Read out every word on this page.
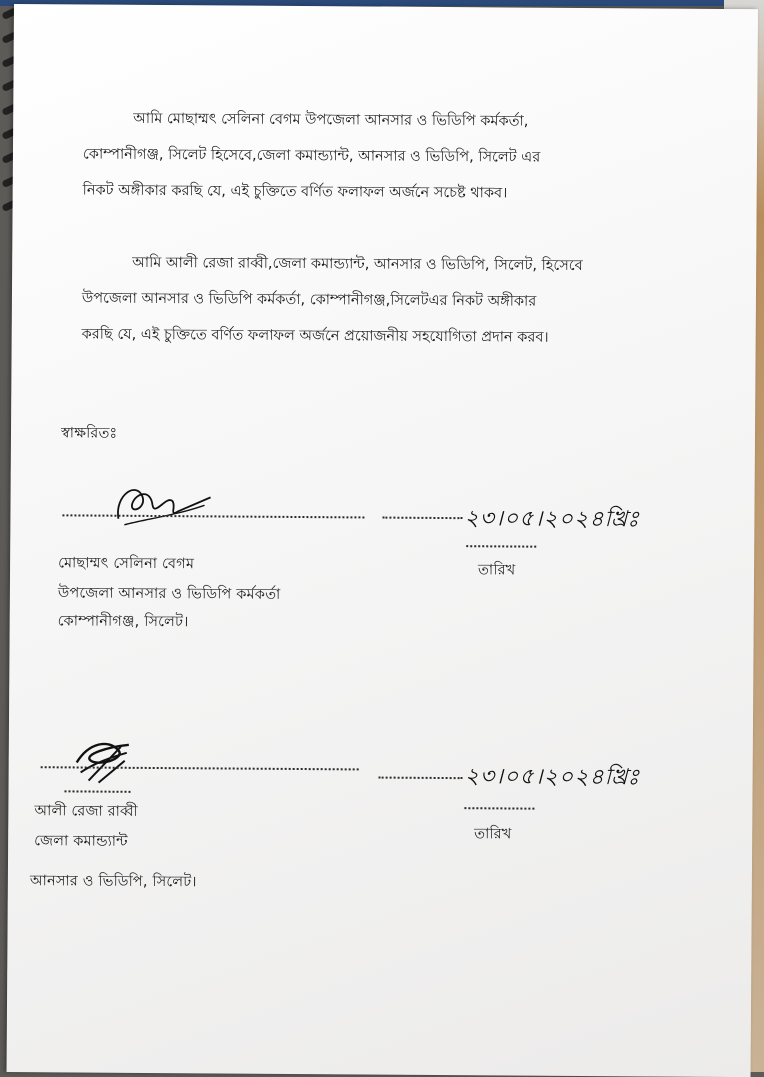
আমি মোছাম্মৎ সেলিনা বেগম উপজেলা আনসার ও ভিডিপি কর্মকর্তা,
কোম্পানীগঞ্জ, সিলেট হিসেবে,জেলা কমান্ড্যান্ট, আনসার ও ভিডিপি, সিলেট এর
নিকট অঙ্গীকার করছি যে, এই চুক্তিতে বর্ণিত ফলাফল অর্জনে সচেষ্ট থাকব।
আমি আলী রেজা রাব্বী,জেলা কমান্ড্যান্ট, আনসার ও ভিডিপি, সিলেট, হিসেবে
উপজেলা আনসার ও ভিডিপি কর্মকর্তা, কোম্পানীগঞ্জ,সিলেটএর নিকট অঙ্গীকার
করছি যে, এই চুক্তিতে বর্ণিত ফলাফল অর্জনে প্রয়োজনীয় সহযোগিতা প্রদান করব।
স্বাক্ষরিতঃ
২৩।০৫।২০২৪খ্রিঃ
মোছাম্মৎ সেলিনা বেগম	তারিখ
উপজেলা আনসার ও ভিডিপি কর্মকর্তা
কোম্পানীগঞ্জ, সিলেট।
২৩।০৫।২০২৪খ্রিঃ
আলী রেজা রাব্বী
তারিখ
জেলা কমান্ড্যান্ট
আনসার ও ভিডিপি, সিলেট।
